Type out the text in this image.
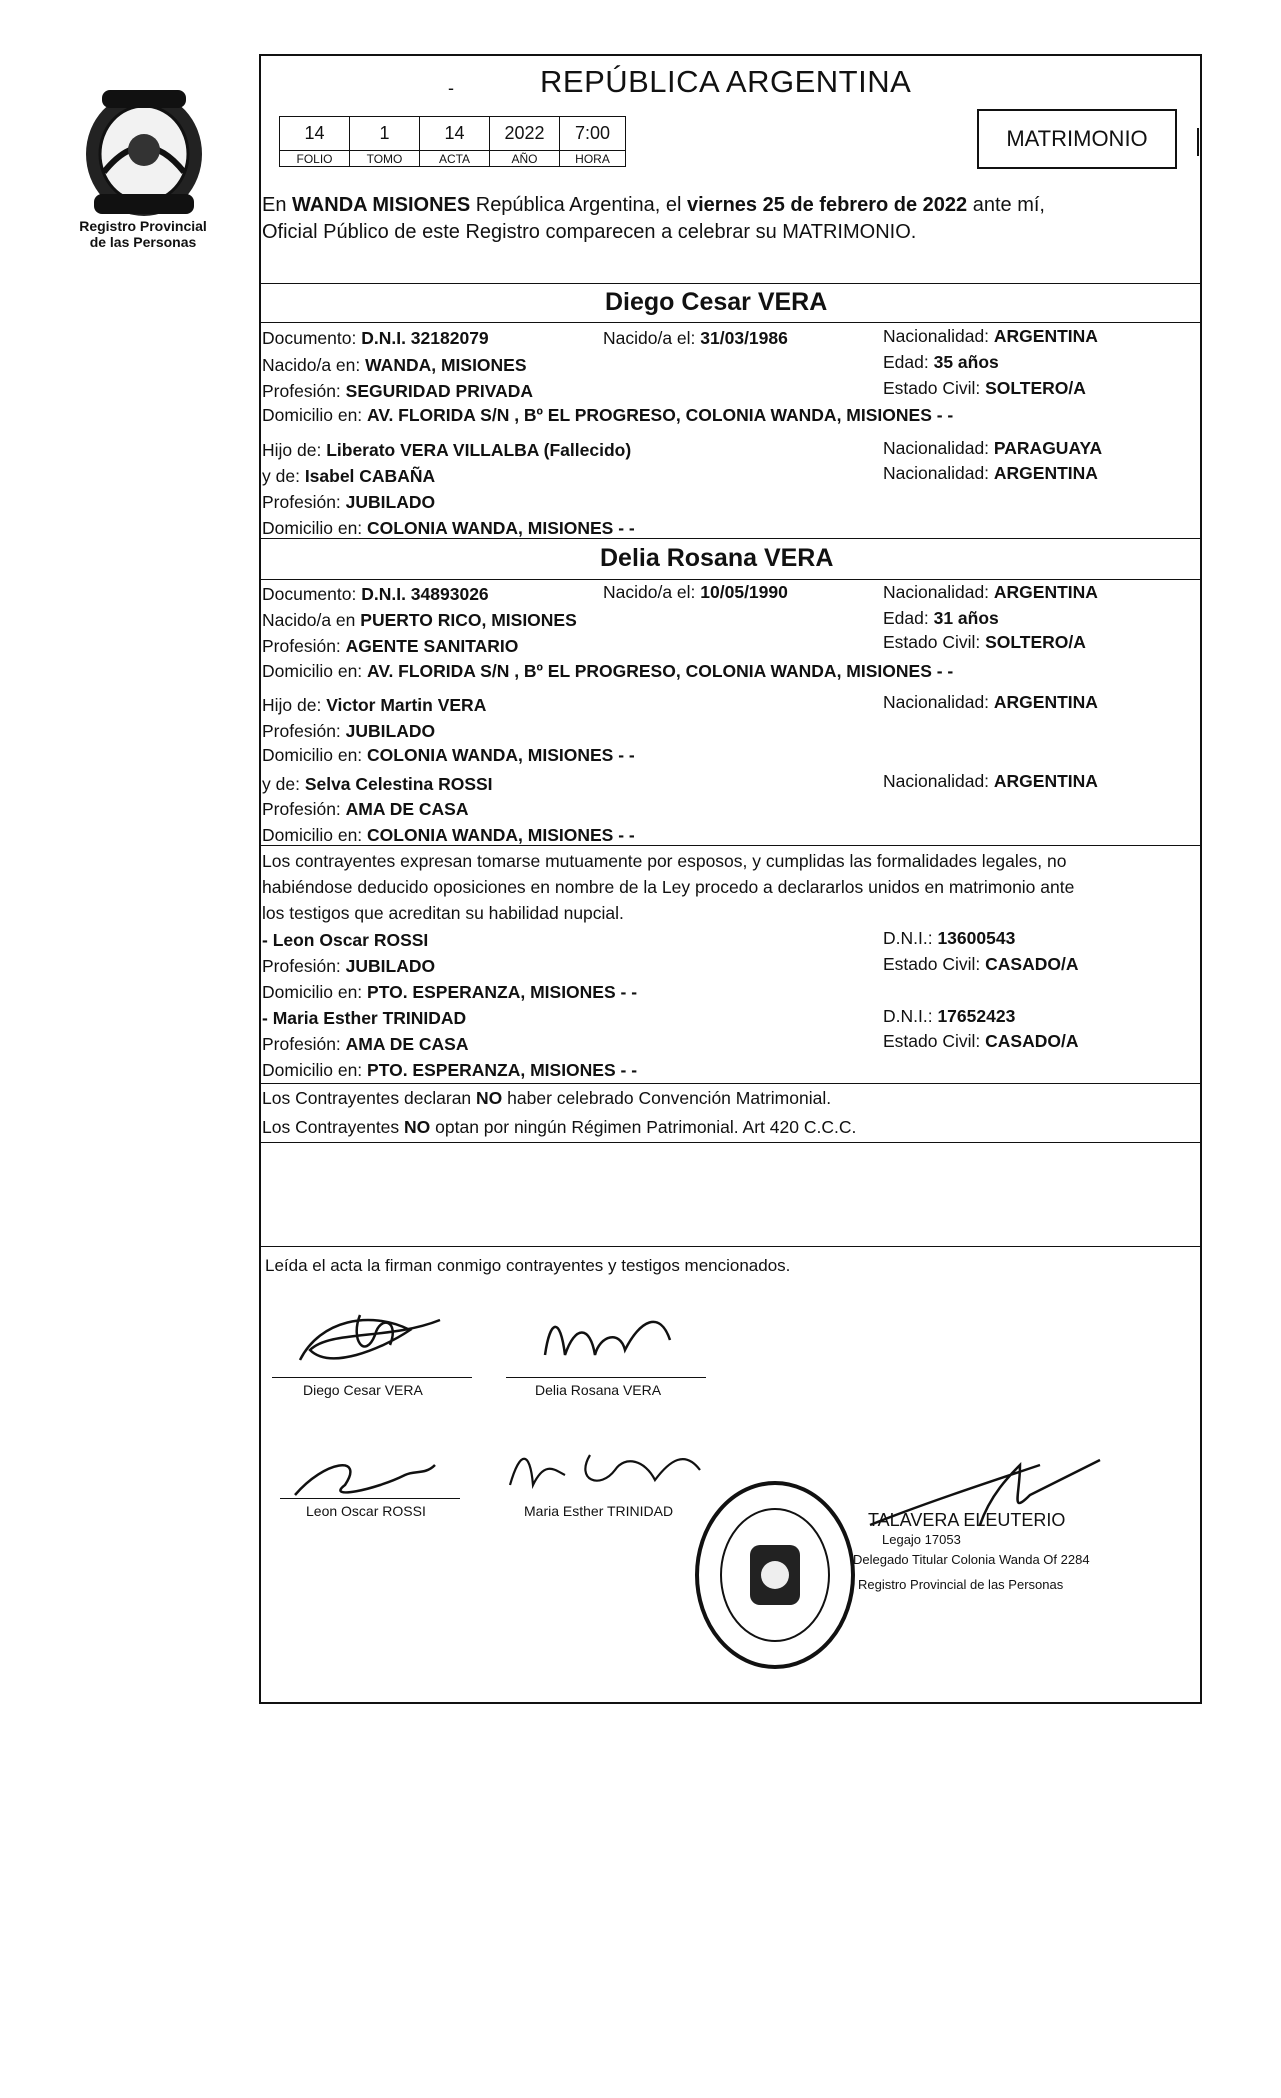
Registro Provincial
de las Personas
-	REPÚBLICA ARGENTINA
14	1	14	2022	7:00
FOLIO	TOMO	ACTA	AÑO	HORA
MATRIMONIO
En WANDA MISIONES República Argentina, el viernes 25 de febrero de 2022 ante mí,
Oficial Público de este Registro comparecen a celebrar su MATRIMONIO.
Diego Cesar VERA
Documento: D.N.I. 32182079	Nacido/a el: 31/03/1986	Nacionalidad: ARGENTINA
Nacido/a en: WANDA, MISIONES	Edad: 35 años
Profesión: SEGURIDAD PRIVADA	Estado Civil: SOLTERO/A
Domicilio en: AV. FLORIDA S/N , Bº EL PROGRESO, COLONIA WANDA, MISIONES - -
Hijo de: Liberato VERA VILLALBA (Fallecido)	Nacionalidad: PARAGUAYA
y de: Isabel CABAÑA	Nacionalidad: ARGENTINA
Profesión: JUBILADO
Domicilio en: COLONIA WANDA, MISIONES - -
Delia Rosana VERA
Documento: D.N.I. 34893026	Nacido/a el: 10/05/1990	Nacionalidad: ARGENTINA
Nacido/a en PUERTO RICO, MISIONES	Edad: 31 años
Profesión: AGENTE SANITARIO	Estado Civil: SOLTERO/A
Domicilio en: AV. FLORIDA S/N , Bº EL PROGRESO, COLONIA WANDA, MISIONES - -
Hijo de: Victor Martin VERA	Nacionalidad: ARGENTINA
Profesión: JUBILADO
Domicilio en: COLONIA WANDA, MISIONES - -
y de: Selva Celestina ROSSI	Nacionalidad: ARGENTINA
Profesión: AMA DE CASA
Domicilio en: COLONIA WANDA, MISIONES - -
Los contrayentes expresan tomarse mutuamente por esposos, y cumplidas las formalidades legales, no
habiéndose deducido oposiciones en nombre de la Ley procedo a declararlos unidos en matrimonio ante
los testigos que acreditan su habilidad nupcial.
- Leon Oscar ROSSI	D.N.I.: 13600543
Profesión: JUBILADO	Estado Civil: CASADO/A
Domicilio en: PTO. ESPERANZA, MISIONES - -
- Maria Esther TRINIDAD	D.N.I.: 17652423
Profesión: AMA DE CASA	Estado Civil: CASADO/A
Domicilio en: PTO. ESPERANZA, MISIONES - -
Los Contrayentes declaran NO haber celebrado Convención Matrimonial.
Los Contrayentes NO optan por ningún Régimen Patrimonial. Art 420 C.C.C.
Leída el acta la firman conmigo contrayentes y testigos mencionados.
Diego Cesar VERA	Delia Rosana VERA
Leon Oscar ROSSI	Maria Esther TRINIDAD	TALAVERA ELEUTERIO
Legajo 17053
Delegado Titular Colonia Wanda Of 2284
Registro Provincial de las Personas
